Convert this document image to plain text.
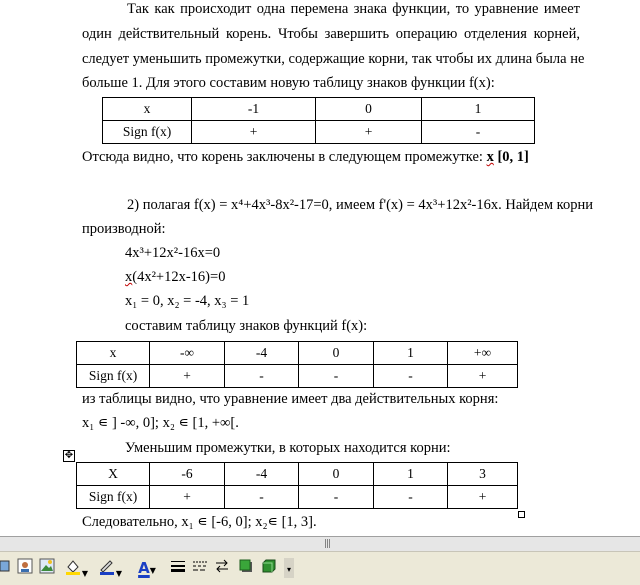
Так как происходит одна перемена знака функции, то уравнение имеет
один действительный корень. Чтобы завершить операцию отделения корней,
следует уменьшить промежутки, содержащие корни, так чтобы их длина была не
больше 1. Для этого составим новую таблицу знаков функции f(x):
x	-1	0	1
Sign f(x)	+	+	-
Отсюда видно, что корень заключены в следующем промежутке: x [0, 1]
2) полагая f(x) = x⁴+4x³-8x²-17=0, имеем f'(x) = 4x³+12x²-16x. Найдем корни
производной:
4x³+12x²-16x=0
x(4x²+12x-16)=0
x₁ = 0, x₂ = -4, x₃ = 1
составим таблицу знаков функций f(x):
x	-∞	-4	0	1	+∞
Sign f(x)	+	-	-	-	+
из таблицы видно, что уравнение имеет два действительных корня:
x₁ ∊ ] -∞, 0]; x₂ ∊ [1, +∞[.
Уменьшим промежутки, в которых находится корни:
✥
X	-6	-4	0	1	3
Sign f(x)	+	-	-	-	+
Следовательно, x₁ ∊ [-6, 0]; x₂∊ [1, 3].
|||
▼	▼	A▼	▾
